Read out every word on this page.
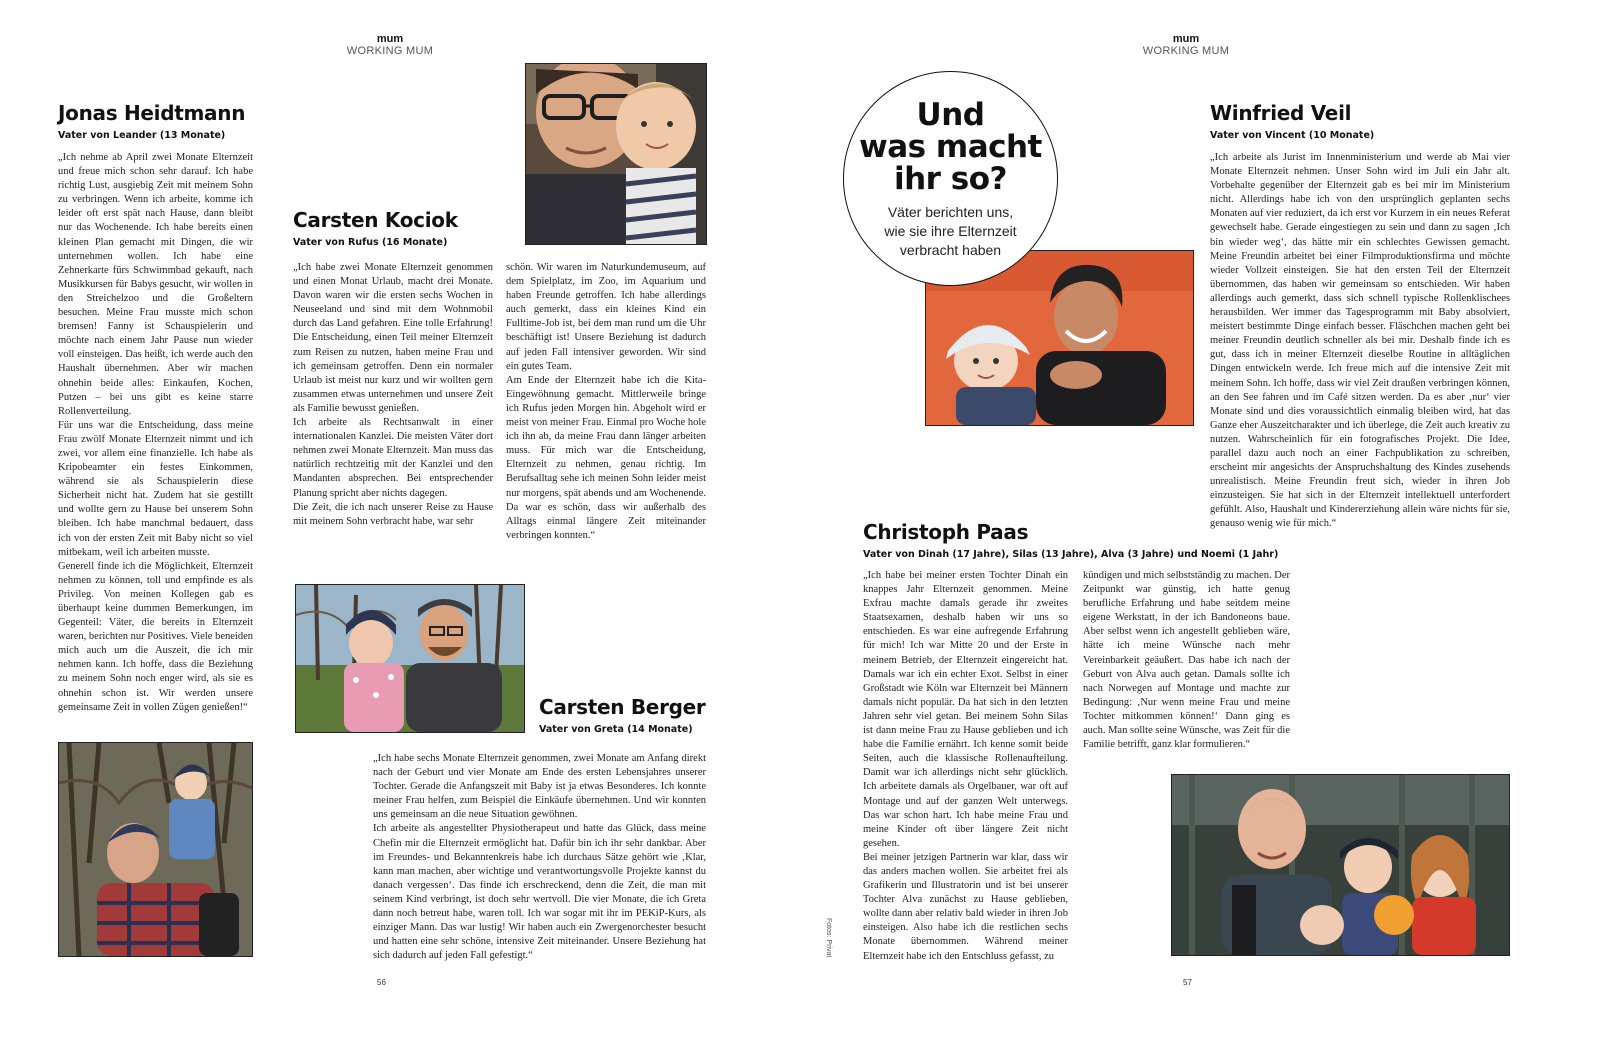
mum
WORKING MUM
Jonas Heidtmann
Vater von Leander (13 Monate)

„Ich nehme ab April zwei Monate Elternzeit und freue mich schon sehr darauf. Ich habe richtig Lust, ausgiebig Zeit mit meinem Sohn zu verbringen. Wenn ich arbeite, komme ich leider oft erst spät nach Hause, dann bleibt nur das Wochenende. Ich habe bereits einen kleinen Plan gemacht mit Dingen, die wir unternehmen wollen. Ich habe eine Zehnerkarte fürs Schwimmbad gekauft, nach Musikkursen für Babys gesucht, wir wollen in den Streichelzoo und die Großeltern besuchen. Meine Frau musste mich schon bremsen! Fanny ist Schauspielerin und möchte nach einem Jahr Pause nun wieder voll einsteigen. Das heißt, ich werde auch den Haushalt übernehmen. Aber wir machen ohnehin beide alles: Einkaufen, Kochen, Putzen – bei uns gibt es keine starre Rollenverteilung.

Für uns war die Entscheidung, dass meine Frau zwölf Monate Elternzeit nimmt und ich zwei, vor allem eine finanzielle. Ich habe als Kripobeamter ein festes Einkommen, während sie als Schauspielerin diese Sicherheit nicht hat. Zudem hat sie gestillt und wollte gern zu Hause bei unserem Sohn bleiben. Ich habe manchmal bedauert, dass ich von der ersten Zeit mit Baby nicht so viel mitbekam, weil ich arbeiten musste.

Generell finde ich die Möglichkeit, Elternzeit nehmen zu können, toll und empfinde es als Privileg. Von meinen Kollegen gab es überhaupt keine dummen Bemerkungen, im Gegenteil: Väter, die bereits in Elternzeit waren, berichten nur Positives. Viele beneiden mich auch um die Auszeit, die ich mir nehmen kann. Ich hoffe, dass die Beziehung zu meinem Sohn noch enger wird, als sie es ohnehin schon ist. Wir werden unsere gemeinsame Zeit in vollen Zügen genießen!“

Carsten Kociok
Vater von Rufus (16 Monate)

„Ich habe zwei Monate Elternzeit genommen und einen Monat Urlaub, macht drei Monate. Davon waren wir die ersten sechs Wochen in Neuseeland und sind mit dem Wohnmobil durch das Land gefahren. Eine tolle Erfahrung! Die Entscheidung, einen Teil meiner Elternzeit zum Reisen zu nutzen, haben meine Frau und ich gemeinsam getroffen. Denn ein normaler Urlaub ist meist nur kurz und wir wollten gern zusammen etwas unternehmen und unsere Zeit als Familie bewusst genießen.

Ich arbeite als Rechtsanwalt in einer internationalen Kanzlei. Die meisten Väter dort nehmen zwei Monate Elternzeit. Man muss das natürlich rechtzeitig mit der Kanzlei und den Mandanten absprechen. Bei entsprechender Planung spricht aber nichts dagegen.

Die Zeit, die ich nach unserer Reise zu Hause mit meinem Sohn verbracht habe, war sehr

schön. Wir waren im Naturkundemuseum, auf dem Spielplatz, im Zoo, im Aquarium und haben Freunde getroffen. Ich habe allerdings auch gemerkt, dass ein kleines Kind ein Fulltime-Job ist, bei dem man rund um die Uhr beschäftigt ist! Unsere Beziehung ist dadurch auf jeden Fall intensiver geworden. Wir sind ein gutes Team.

Am Ende der Elternzeit habe ich die Kita-Eingewöhnung gemacht. Mittlerweile bringe ich Rufus jeden Morgen hin. Abgeholt wird er meist von meiner Frau. Einmal pro Woche hole ich ihn ab, da meine Frau dann länger arbeiten muss. Für mich war die Entscheidung, Elternzeit zu nehmen, genau richtig. Im Berufsalltag sehe ich meinen Sohn leider meist nur morgens, spät abends und am Wochenende. Da war es schön, dass wir außerhalb des Alltags einmal längere Zeit miteinander verbringen konnten.“

Carsten Berger
Vater von Greta (14 Monate)

„Ich habe sechs Monate Elternzeit genommen, zwei Monate am Anfang direkt nach der Geburt und vier Monate am Ende des ersten Lebensjahres unserer Tochter. Gerade die Anfangszeit mit Baby ist ja etwas Besonderes. Ich konnte meiner Frau helfen, zum Beispiel die Einkäufe übernehmen. Und wir konnten uns gemeinsam an die neue Situation gewöhnen.

Ich arbeite als angestellter Physiotherapeut und hatte das Glück, dass meine Chefin mir die Elternzeit ermöglicht hat. Dafür bin ich ihr sehr dankbar. Aber im Freundes- und Bekanntenkreis habe ich durchaus Sätze gehört wie ‚Klar, kann man machen, aber wichtige und verantwortungsvolle Projekte kannst du danach vergessen‘. Das finde ich erschreckend, denn die Zeit, die man mit seinem Kind verbringt, ist doch sehr wertvoll. Die vier Monate, die ich Greta dann noch betreut habe, waren toll. Ich war sogar mit ihr im PEKiP-Kurs, als einziger Mann. Das war lustig! Wir haben auch ein Zwergenorchester besucht und hatten eine sehr schöne, intensive Zeit miteinander. Unsere Beziehung hat sich dadurch auf jeden Fall gefestigt.“

56
Fotos: Privat
mum
WORKING MUM
Und
was macht
ihr so?
Väter berichten uns,
wie sie ihre Elternzeit
verbracht haben
Winfried Veil
Vater von Vincent (10 Monate)

„Ich arbeite als Jurist im Innenministerium und werde ab Mai vier Monate Elternzeit nehmen. Unser Sohn wird im Juli ein Jahr alt. Vorbehalte gegenüber der Elternzeit gab es bei mir im Ministerium nicht. Allerdings habe ich von den ursprünglich geplanten sechs Monaten auf vier reduziert, da ich erst vor Kurzem in ein neues Referat gewechselt habe. Gerade eingestiegen zu sein und dann zu sagen ‚Ich bin wieder weg‘, das hätte mir ein schlechtes Gewissen gemacht. Meine Freundin arbeitet bei einer Filmproduktionsfirma und möchte wieder Vollzeit einsteigen. Sie hat den ersten Teil der Elternzeit übernommen, das haben wir gemeinsam so entschieden. Wir haben allerdings auch gemerkt, dass sich schnell typische Rollenklischees herausbilden. Wer immer das Tagesprogramm mit Baby absolviert, meistert bestimmte Dinge einfach besser. Fläschchen machen geht bei meiner Freundin deutlich schneller als bei mir. Deshalb finde ich es gut, dass ich in meiner Elternzeit dieselbe Routine in alltäglichen Dingen entwickeln werde. Ich freue mich auf die intensive Zeit mit meinem Sohn. Ich hoffe, dass wir viel Zeit draußen verbringen können, an den See fahren und im Café sitzen werden. Da es aber ‚nur‘ vier Monate sind und dies voraussichtlich einmalig bleiben wird, hat das Ganze eher Auszeitcharakter und ich überlege, die Zeit auch kreativ zu nutzen. Wahrscheinlich für ein fotografisches Projekt. Die Idee, parallel dazu auch noch an einer Fachpublikation zu schreiben, erscheint mir angesichts der Anspruchshaltung des Kindes zusehends unrealistisch. Meine Freundin freut sich, wieder in ihren Job einzusteigen. Sie hat sich in der Elternzeit intellektuell unterfordert gefühlt. Also, Haushalt und Kindererziehung allein wäre nichts für sie, genauso wenig wie für mich.“

Christoph Paas
Vater von Dinah (17 Jahre), Silas (13 Jahre), Alva (3 Jahre) und Noemi (1 Jahr)

„Ich habe bei meiner ersten Tochter Dinah ein knappes Jahr Elternzeit genommen. Meine Exfrau machte damals gerade ihr zweites Staatsexamen, deshalb haben wir uns so entschieden. Es war eine aufregende Erfahrung für mich! Ich war Mitte 20 und der Erste in meinem Betrieb, der Elternzeit eingereicht hat. Damals war ich ein echter Exot. Selbst in einer Großstadt wie Köln war Elternzeit bei Männern damals nicht populär. Da hat sich in den letzten Jahren sehr viel getan. Bei meinem Sohn Silas ist dann meine Frau zu Hause geblieben und ich habe die Familie ernährt. Ich kenne somit beide Seiten, auch die klassische Rollenaufteilung. Damit war ich allerdings nicht sehr glücklich. Ich arbeitete damals als Orgelbauer, war oft auf Montage und auf der ganzen Welt unterwegs. Das war schon hart. Ich habe meine Frau und meine Kinder oft über längere Zeit nicht gesehen.

Bei meiner jetzigen Partnerin war klar, dass wir das anders machen wollen. Sie arbeitet frei als Grafikerin und Illustratorin und ist bei unserer Tochter Alva zunächst zu Hause geblieben, wollte dann aber relativ bald wieder in ihren Job einsteigen. Also habe ich die restlichen sechs Monate übernommen. Während meiner Elternzeit habe ich den Entschluss gefasst, zu

kündigen und mich selbstständig zu machen. Der Zeitpunkt war günstig, ich hatte genug berufliche Erfahrung und habe seitdem meine eigene Werkstatt, in der ich Bandoneons baue. Aber selbst wenn ich angestellt geblieben wäre, hätte ich meine Wünsche nach mehr Vereinbarkeit geäußert. Das habe ich nach der Geburt von Alva auch getan. Damals sollte ich nach Norwegen auf Montage und machte zur Bedingung: ‚Nur wenn meine Frau und meine Tochter mitkommen können!‘ Dann ging es auch. Man sollte seine Wünsche, was Zeit für die Familie betrifft, ganz klar formulieren.“

57
